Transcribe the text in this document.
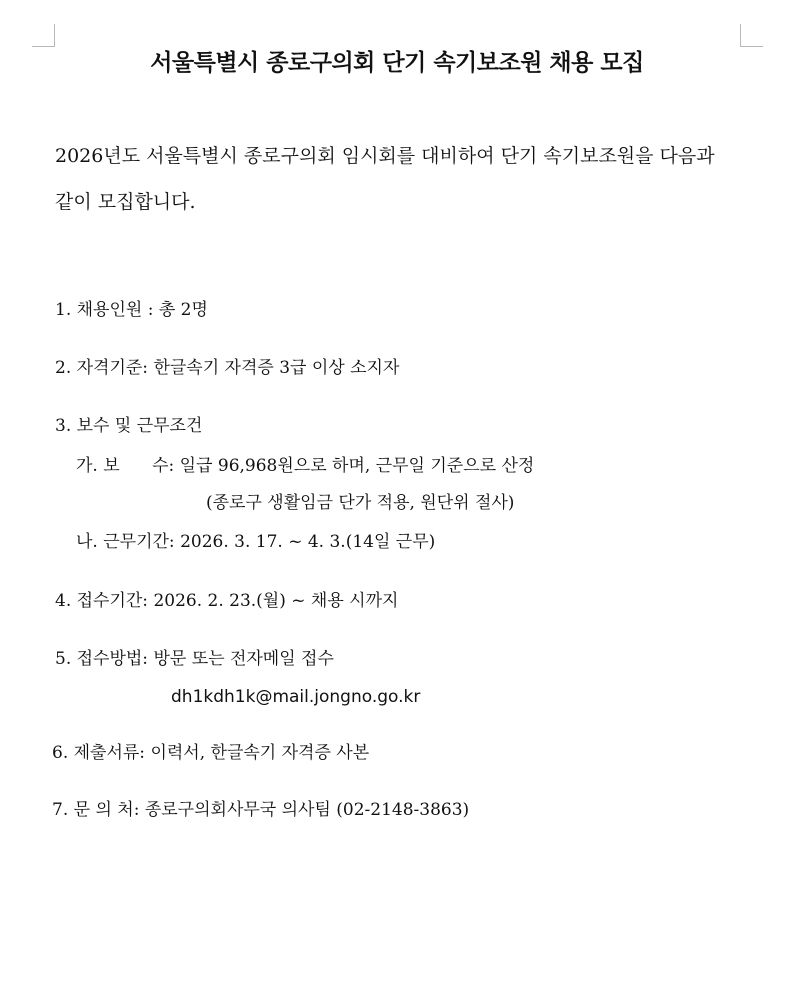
서울특별시 종로구의회 단기 속기보조원 채용 모집
2026년도 서울특별시 종로구의회 임시회를 대비하여 단기 속기보조원을 다음과
같이 모집합니다.
1. 채용인원 : 총 2명
2. 자격기준: 한글속기 자격증 3급 이상 소지자
3. 보수 및 근무조건
가. 보      수: 일급 96,968원으로 하며, 근무일 기준으로 산정
(종로구 생활임금 단가 적용, 원단위 절사)
나. 근무기간: 2026. 3. 17. ~ 4. 3.(14일 근무)
4. 접수기간: 2026. 2. 23.(월) ~ 채용 시까지
5. 접수방법: 방문 또는 전자메일 접수
dh1kdh1k@mail.jongno.go.kr
6. 제출서류: 이력서, 한글속기 자격증 사본
7. 문 의 처: 종로구의회사무국 의사팀 (02-2148-3863)
